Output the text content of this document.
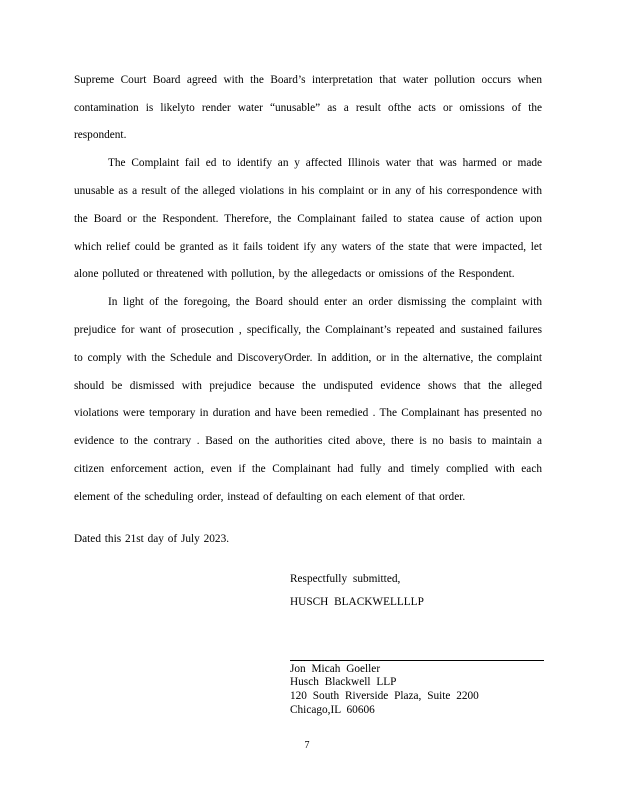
Supreme Court Board agreed with the Board’s interpretation that water pollution occurs when
contamination is likelyto render water “unusable” as a result ofthe acts or omissions of the
respondent.
The Complaint fail ed to identify an y affected Illinois water that was harmed or made
unusable as a result of the alleged violations in his complaint or in any of his correspondence with
the Board or the Respondent. Therefore, the Complainant failed to statea cause of action upon
which relief could be granted as it fails toident ify any waters of the state that were impacted, let
alone polluted or threatened with pollution, by the allegedacts or omissions of the Respondent.
In light of the foregoing, the Board should enter an order dismissing the complaint with
prejudice for want of prosecution , specifically, the Complainant’s repeated and sustained failures
to comply with the Schedule and DiscoveryOrder. In addition, or in the alternative, the complaint
should be dismissed with prejudice because the undisputed evidence shows that the alleged
violations were temporary in duration and have been remedied . The Complainant has presented no
evidence to the contrary . Based on the authorities cited above, there is no basis to maintain a
citizen enforcement action, even if the Complainant had fully and timely complied with each
element of the scheduling order, instead of defaulting on each element of that order.
Dated this 21st day of July 2023.
Respectfully submitted,
HUSCH BLACKWELLLLP
Jon Micah Goeller
Husch Blackwell LLP
120 South Riverside Plaza, Suite 2200
Chicago,IL 60606
7
